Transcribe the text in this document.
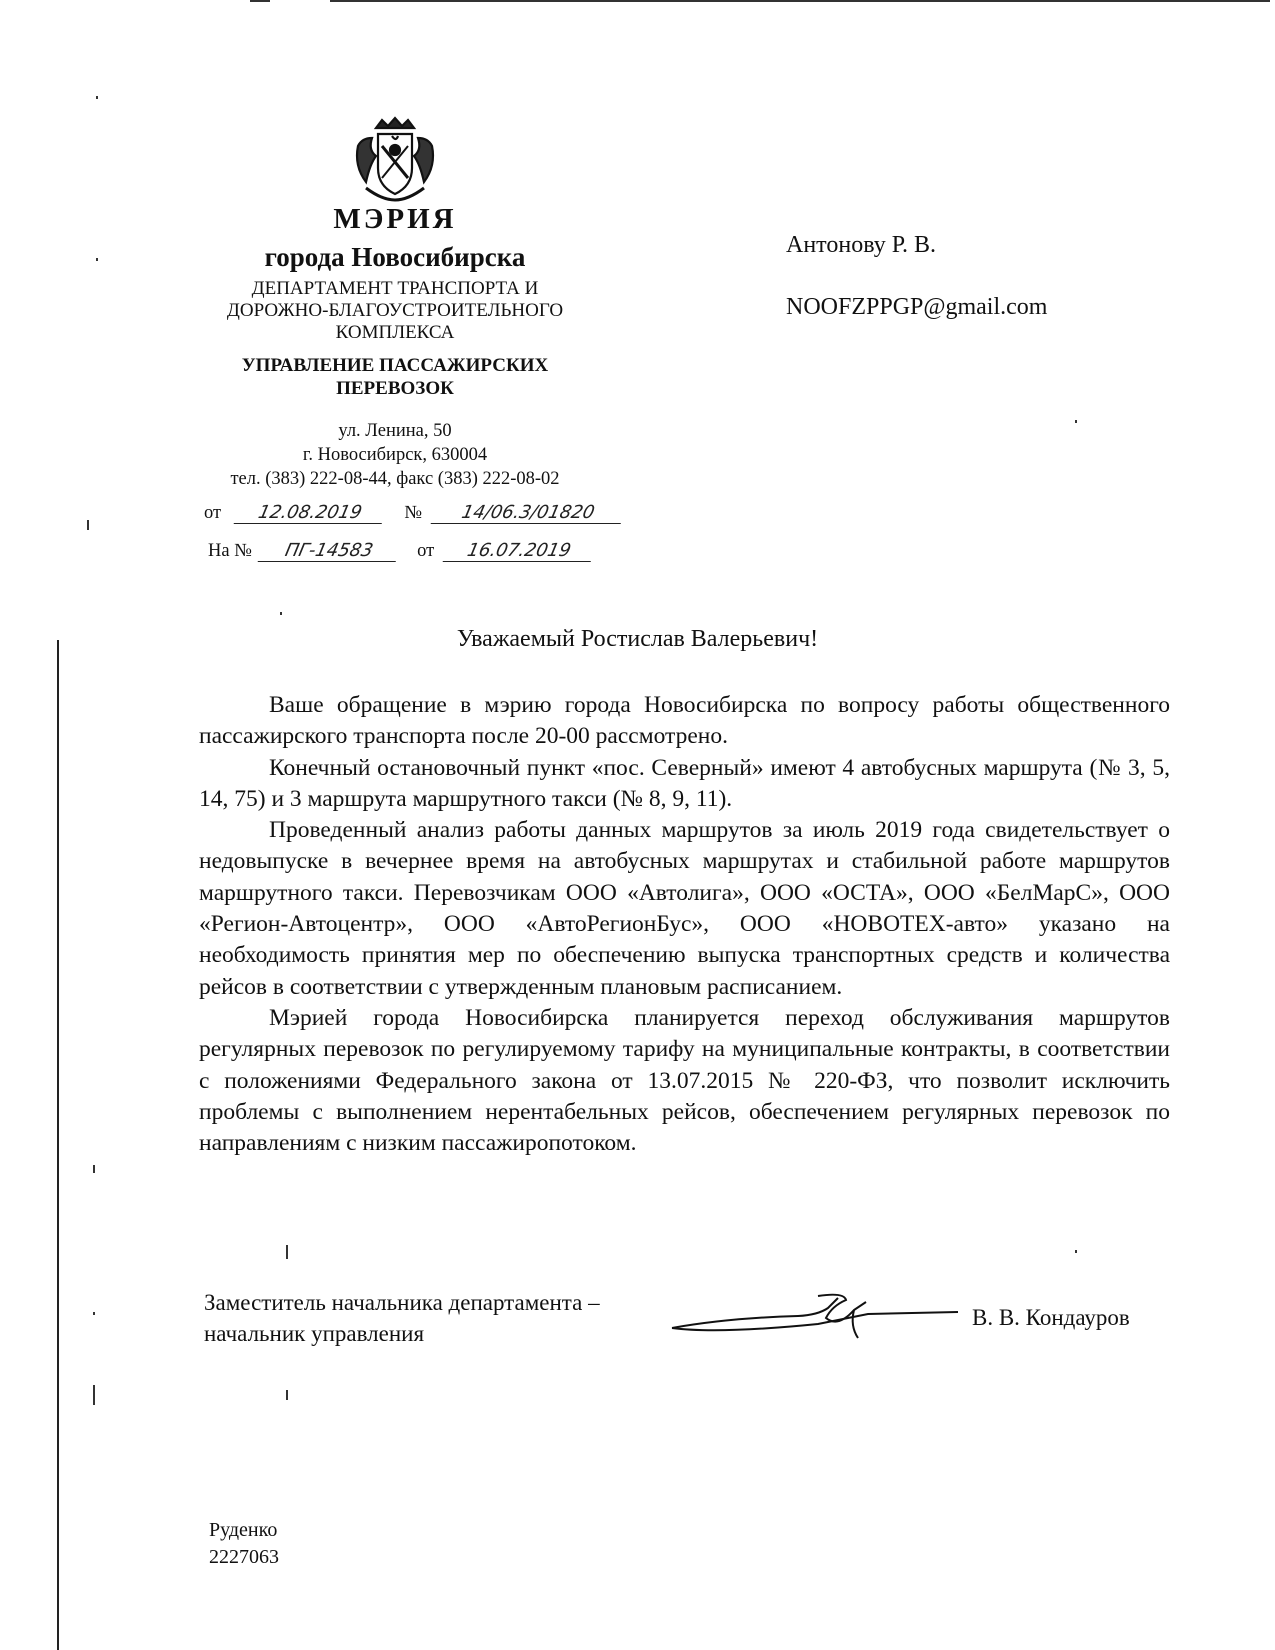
МЭРИЯ
города Новосибирска
ДЕПАРТАМЕНТ ТРАНСПОРТА И
ДОРОЖНО-БЛАГОУСТРОИТЕЛЬНОГО
КОМПЛЕКСА
УПРАВЛЕНИЕ ПАССАЖИРСКИХ
ПЕРЕВОЗОК
ул. Ленина, 50
г. Новосибирск, 630004
тел. (383) 222-08-44, факс (383) 222-08-02
от 12.08.2019 № 14/06.3/01820
На № ПГ-14583 от 16.07.2019
Антонову Р. В.
NOOFZPPGP@gmail.com
Уважаемый Ростислав Валерьевич!

Ваше обращение в мэрию города Новосибирска по вопросу работы общественного пассажирского транспорта после 20-00 рассмотрено.

Конечный остановочный пункт «пос. Северный» имеют 4 автобусных маршрута (№ 3, 5, 14, 75) и 3 маршрута маршрутного такси (№ 8, 9, 11).

Проведенный анализ работы данных маршрутов за июль 2019 года свидетельствует о недовыпуске в вечернее время на автобусных маршрутах и стабильной работе маршрутов маршрутного такси. Перевозчикам ООО «Автолига», ООО «ОСТА», ООО «БелМарС», ООО «Регион-Автоцентр», ООО «АвтоРегионБус», ООО «НОВОТЕХ-авто» указано на необходимость принятия мер по обеспечению выпуска транспортных средств и количества рейсов в соответствии с утвержденным плановым расписанием.

Мэрией города Новосибирска планируется переход обслуживания маршрутов регулярных перевозок по регулируемому тарифу на муниципальные контракты, в соответствии с положениями Федерального закона от 13.07.2015 № 220-ФЗ, что позволит исключить проблемы с выполнением нерентабельных рейсов, обеспечением регулярных перевозок по направлениям с низким пассажиропотоком.

Заместитель начальника департамента –
начальник управления
В. В. Кондауров
Руденко
2227063
